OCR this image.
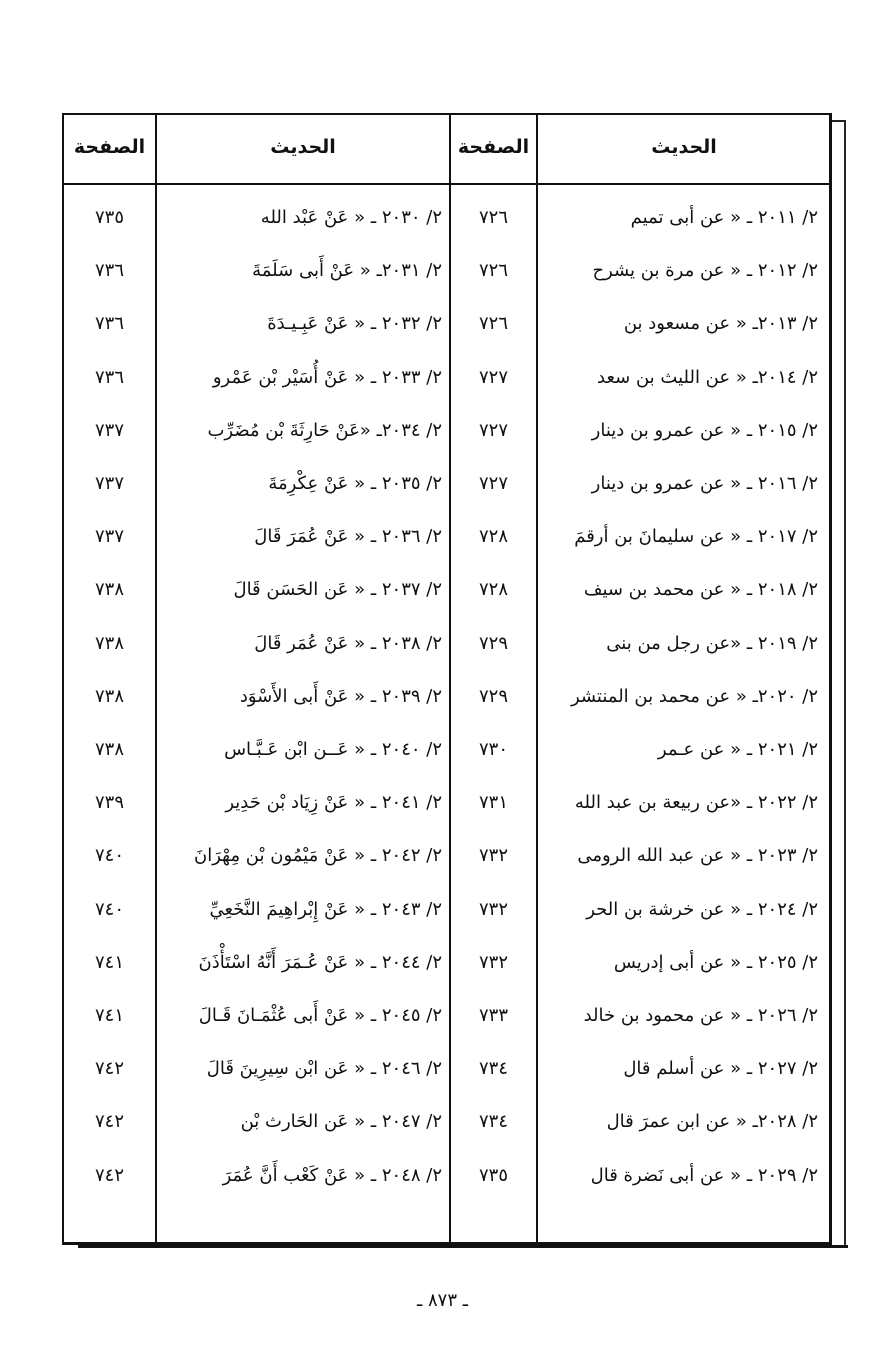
الحديث
الصفحة
الحديث
الصفحة
٢/ ٢٠١١ ـ « عن أبى تميم
٧٢٦
٢/ ٢٠١٢ ـ « عن مرة بن يشرح
٧٢٦
٢/ ٢٠١٣ـ « عن مسعود بن
٧٢٦
٢/ ٢٠١٤ـ « عن الليث بن سعد
٧٢٧
٢/ ٢٠١٥ ـ « عن عمرو بن دينار
٧٢٧
٢/ ٢٠١٦ ـ « عن عمرو بن دينار
٧٢٧
٢/ ٢٠١٧ ـ « عن سليمانَ بن أرقمَ
٧٢٨
٢/ ٢٠١٨ ـ « عن محمد بن سيف
٧٢٨
٢/ ٢٠١٩ ـ «عن رجل من بنى
٧٢٩
٢/ ٢٠٢٠ـ « عن محمد بن المنتشر
٧٢٩
٢/ ٢٠٢١ ـ « عن عـمر
٧٣٠
٢/ ٢٠٢٢ ـ «عن ربيعة بن عبد الله
٧٣١
٢/ ٢٠٢٣ ـ « عن عبد الله الرومى
٧٣٢
٢/ ٢٠٢٤ ـ « عن خرشة بن الحر
٧٣٢
٢/ ٢٠٢٥ ـ « عن أبى إدريس
٧٣٢
٢/ ٢٠٢٦ ـ « عن محمود بن خالد
٧٣٣
٢/ ٢٠٢٧ ـ « عن أسلم قال
٧٣٤
٢/ ٢٠٢٨ـ « عن ابن عمرَ قال
٧٣٤
٢/ ٢٠٢٩ ـ « عن أبى نَضرة قال
٧٣٥
٢/ ٢٠٣٠ ـ « عَنْ عَبْد الله
٧٣٥
٢/ ٢٠٣١ـ « عَنْ أَبى سَلَمَةَ
٧٣٦
٢/ ٢٠٣٢ ـ « عَنْ عَبِـيـدَةَ
٧٣٦
٢/ ٢٠٣٣ ـ « عَنْ أُسَيْر بْن عَمْرو
٧٣٦
٢/ ٢٠٣٤ـ «عَنْ حَارِثَةَ بْن مُضَرِّب
٧٣٧
٢/ ٢٠٣٥ ـ « عَنْ عِكْرِمَةَ
٧٣٧
٢/ ٢٠٣٦ ـ « عَنْ عُمَرَ قَالَ
٧٣٧
٢/ ٢٠٣٧ ـ « عَن الحَسَن قَالَ
٧٣٨
٢/ ٢٠٣٨ ـ « عَنْ عُمَر قَالَ
٧٣٨
٢/ ٢٠٣٩ ـ « عَنْ أَبى الأَسْوَد
٧٣٨
٢/ ٢٠٤٠ ـ « عَــن ابْن عَـبَّـاس
٧٣٨
٢/ ٢٠٤١ ـ « عَنْ زِيَاد بْن حَدِير
٧٣٩
٢/ ٢٠٤٢ ـ « عَنْ مَيْمُون بْن مِهْرَانَ
٧٤٠
٢/ ٢٠٤٣ ـ « عَنْ إِبْراهِيمَ النَّخَعِيِّ
٧٤٠
٢/ ٢٠٤٤ ـ « عَنْ عُـمَرَ أَنَّهُ اسْتَأْذَنَ
٧٤١
٢/ ٢٠٤٥ ـ « عَنْ أَبى عُثْمَـانَ قَـالَ
٧٤١
٢/ ٢٠٤٦ ـ « عَن ابْن سِيرِينَ قَالَ
٧٤٢
٢/ ٢٠٤٧ ـ « عَن الحَارث بْن
٧٤٢
٢/ ٢٠٤٨ ـ « عَنْ كَعْب أَنَّ عُمَرَ
٧٤٢
ـ ٨٧٣ ـ
